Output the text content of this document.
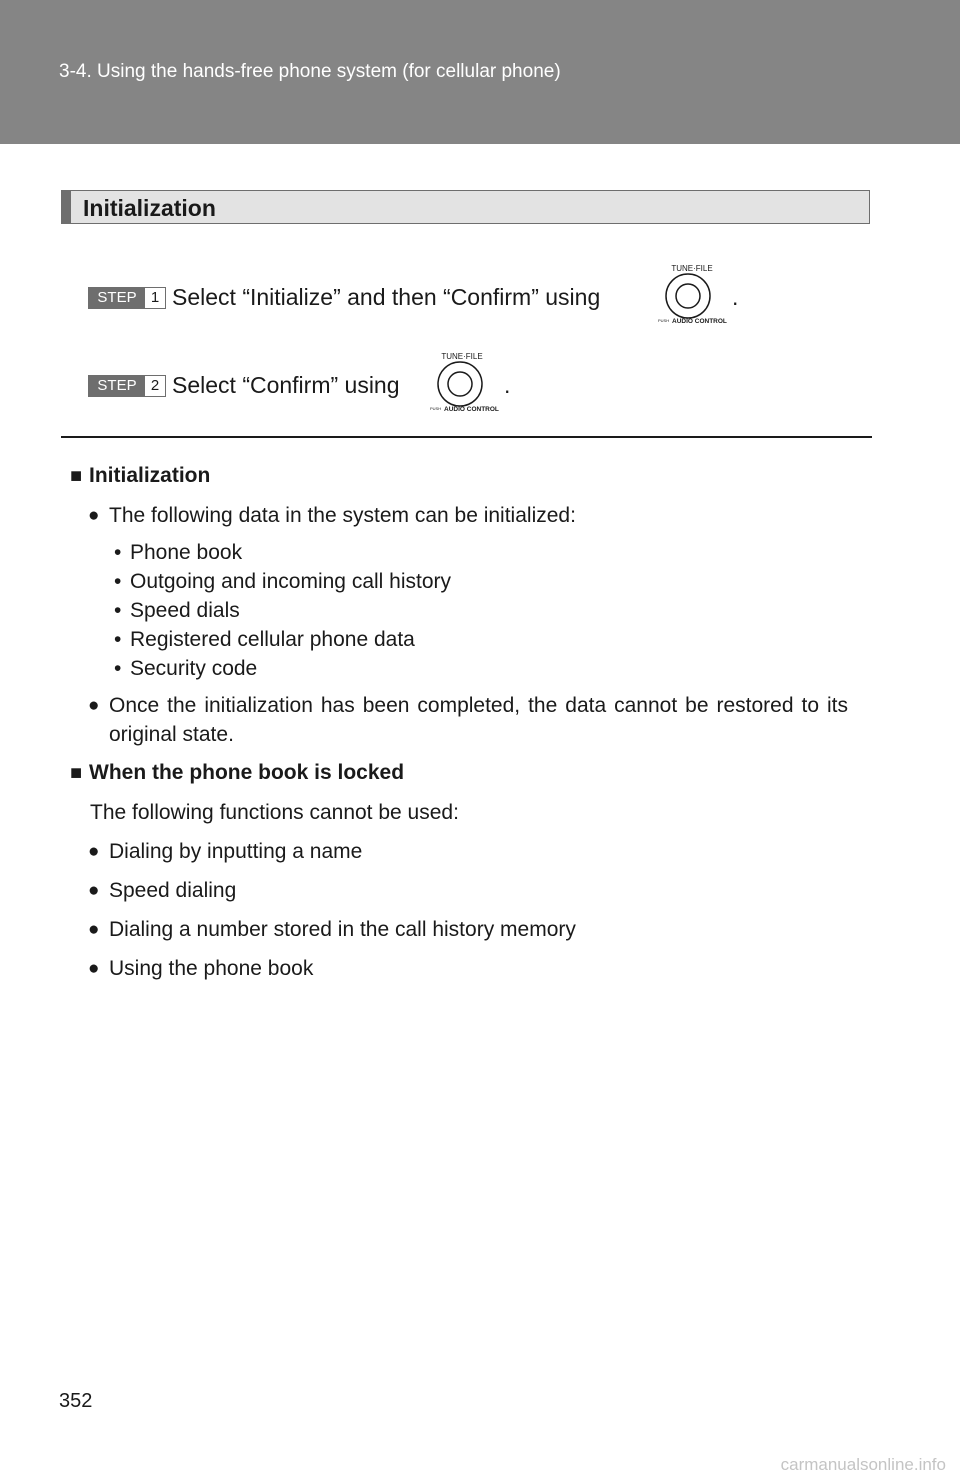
3-4. Using the hands-free phone system (for cellular phone)
Initialization
STEP 1 Select “Initialize” and then “Confirm” using
TUNE·FILE
PUSH AUDIO CONTROL
.
STEP 2 Select “Confirm” using
TUNE·FILE
PUSH AUDIO CONTROL
.
■ Initialization
● The following data in the system can be initialized:
• Phone book
• Outgoing and incoming call history
• Speed dials
• Registered cellular phone data
• Security code
● Once the initialization has been completed, the data cannot be restored to its original state.
■ When the phone book is locked
The following functions cannot be used:
● Dialing by inputting a name
● Speed dialing
● Dialing a number stored in the call history memory
● Using the phone book
352
carmanualsonline.info
